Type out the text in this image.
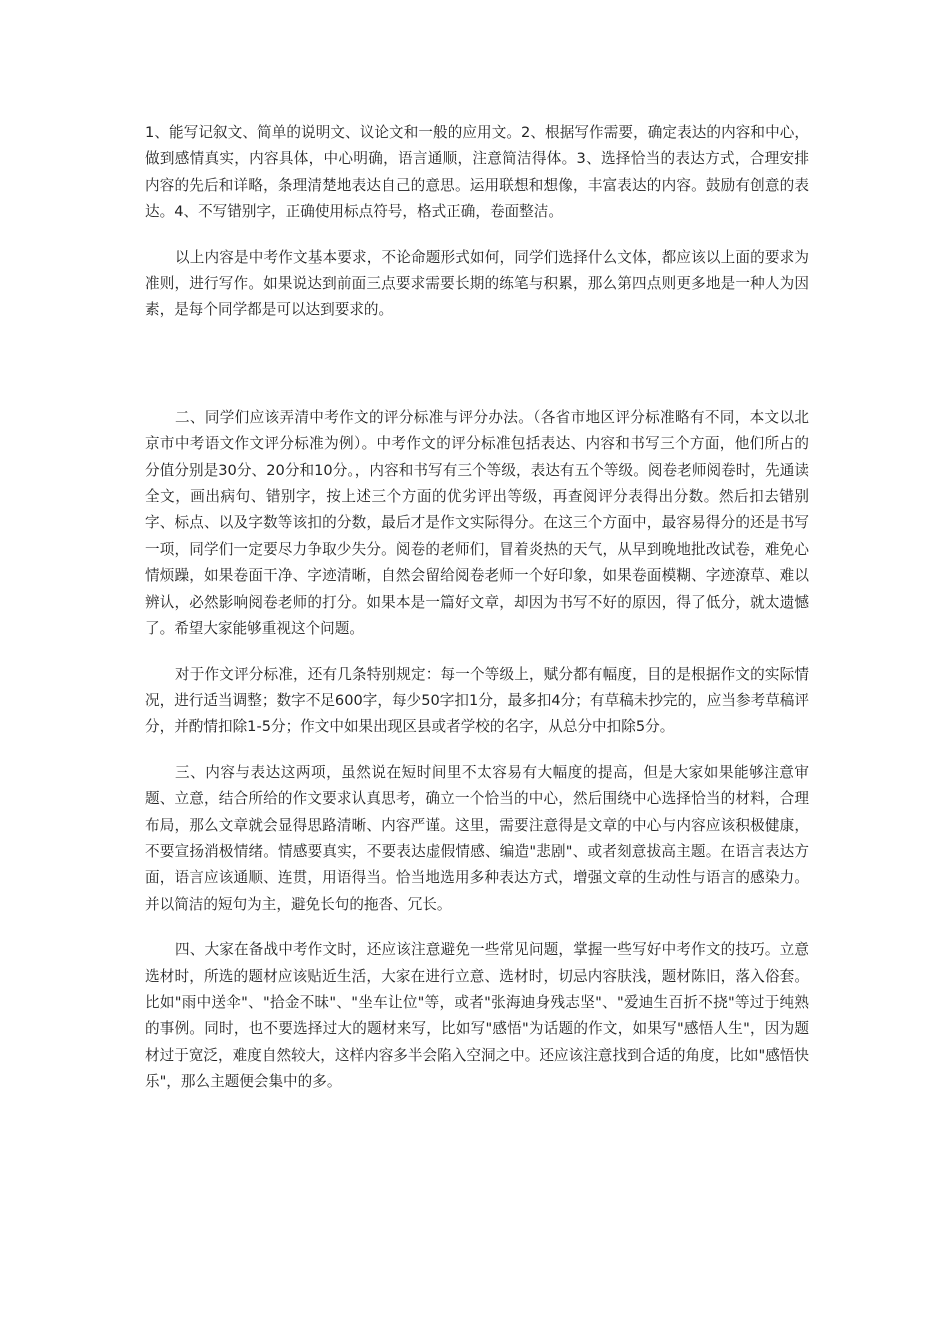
1、能写记叙文、简单的说明文、议论文和一般的应用文。2、根据写作需要，确定表达的内容和中心，做到感情真实，内容具体，中心明确，语言通顺，注意简洁得体。3、选择恰当的表达方式，合理安排内容的先后和详略，条理清楚地表达自己的意思。运用联想和想像，丰富表达的内容。鼓励有创意的表达。4、不写错别字，正确使用标点符号，格式正确，卷面整洁。

以上内容是中考作文基本要求，不论命题形式如何，同学们选择什么文体，都应该以上面的要求为准则，进行写作。如果说达到前面三点要求需要长期的练笔与积累，那么第四点则更多地是一种人为因素，是每个同学都是可以达到要求的。

二、同学们应该弄清中考作文的评分标准与评分办法。（各省市地区评分标准略有不同，本文以北京市中考语文作文评分标准为例）。中考作文的评分标准包括表达、内容和书写三个方面，他们所占的分值分别是30分、20分和10分。，内容和书写有三个等级，表达有五个等级。阅卷老师阅卷时，先通读全文，画出病句、错别字，按上述三个方面的优劣评出等级，再查阅评分表得出分数。然后扣去错别字、标点、以及字数等该扣的分数，最后才是作文实际得分。在这三个方面中，最容易得分的还是书写一项，同学们一定要尽力争取少失分。阅卷的老师们，冒着炎热的天气，从早到晚地批改试卷，难免心情烦躁，如果卷面干净、字迹清晰，自然会留给阅卷老师一个好印象，如果卷面模糊、字迹潦草、难以辨认，必然影响阅卷老师的打分。如果本是一篇好文章，却因为书写不好的原因，得了低分，就太遗憾了。希望大家能够重视这个问题。

对于作文评分标准，还有几条特别规定：每一个等级上，赋分都有幅度，目的是根据作文的实际情况，进行适当调整；数字不足600字，每少50字扣1分，最多扣4分；有草稿未抄完的，应当参考草稿评分，并酌情扣除1-5分；作文中如果出现区县或者学校的名字，从总分中扣除5分。

三、内容与表达这两项，虽然说在短时间里不太容易有大幅度的提高，但是大家如果能够注意审题、立意，结合所给的作文要求认真思考，确立一个恰当的中心，然后围绕中心选择恰当的材料，合理布局，那么文章就会显得思路清晰、内容严谨。这里，需要注意得是文章的中心与内容应该积极健康，不要宣扬消极情绪。情感要真实，不要表达虚假情感、编造"悲剧"、或者刻意拔高主题。在语言表达方面，语言应该通顺、连贯，用语得当。恰当地选用多种表达方式，增强文章的生动性与语言的感染力。并以简洁的短句为主，避免长句的拖沓、冗长。

四、大家在备战中考作文时，还应该注意避免一些常见问题，掌握一些写好中考作文的技巧。立意选材时，所选的题材应该贴近生活，大家在进行立意、选材时，切忌内容肤浅，题材陈旧，落入俗套。比如"雨中送伞"、"拾金不昧"、"坐车让位"等，或者"张海迪身残志坚"、"爱迪生百折不挠"等过于纯熟的事例。同时，也不要选择过大的题材来写，比如写"感悟"为话题的作文，如果写"感悟人生"，因为题材过于宽泛，难度自然较大，这样内容多半会陷入空洞之中。还应该注意找到合适的角度，比如"感悟快乐"，那么主题便会集中的多。
